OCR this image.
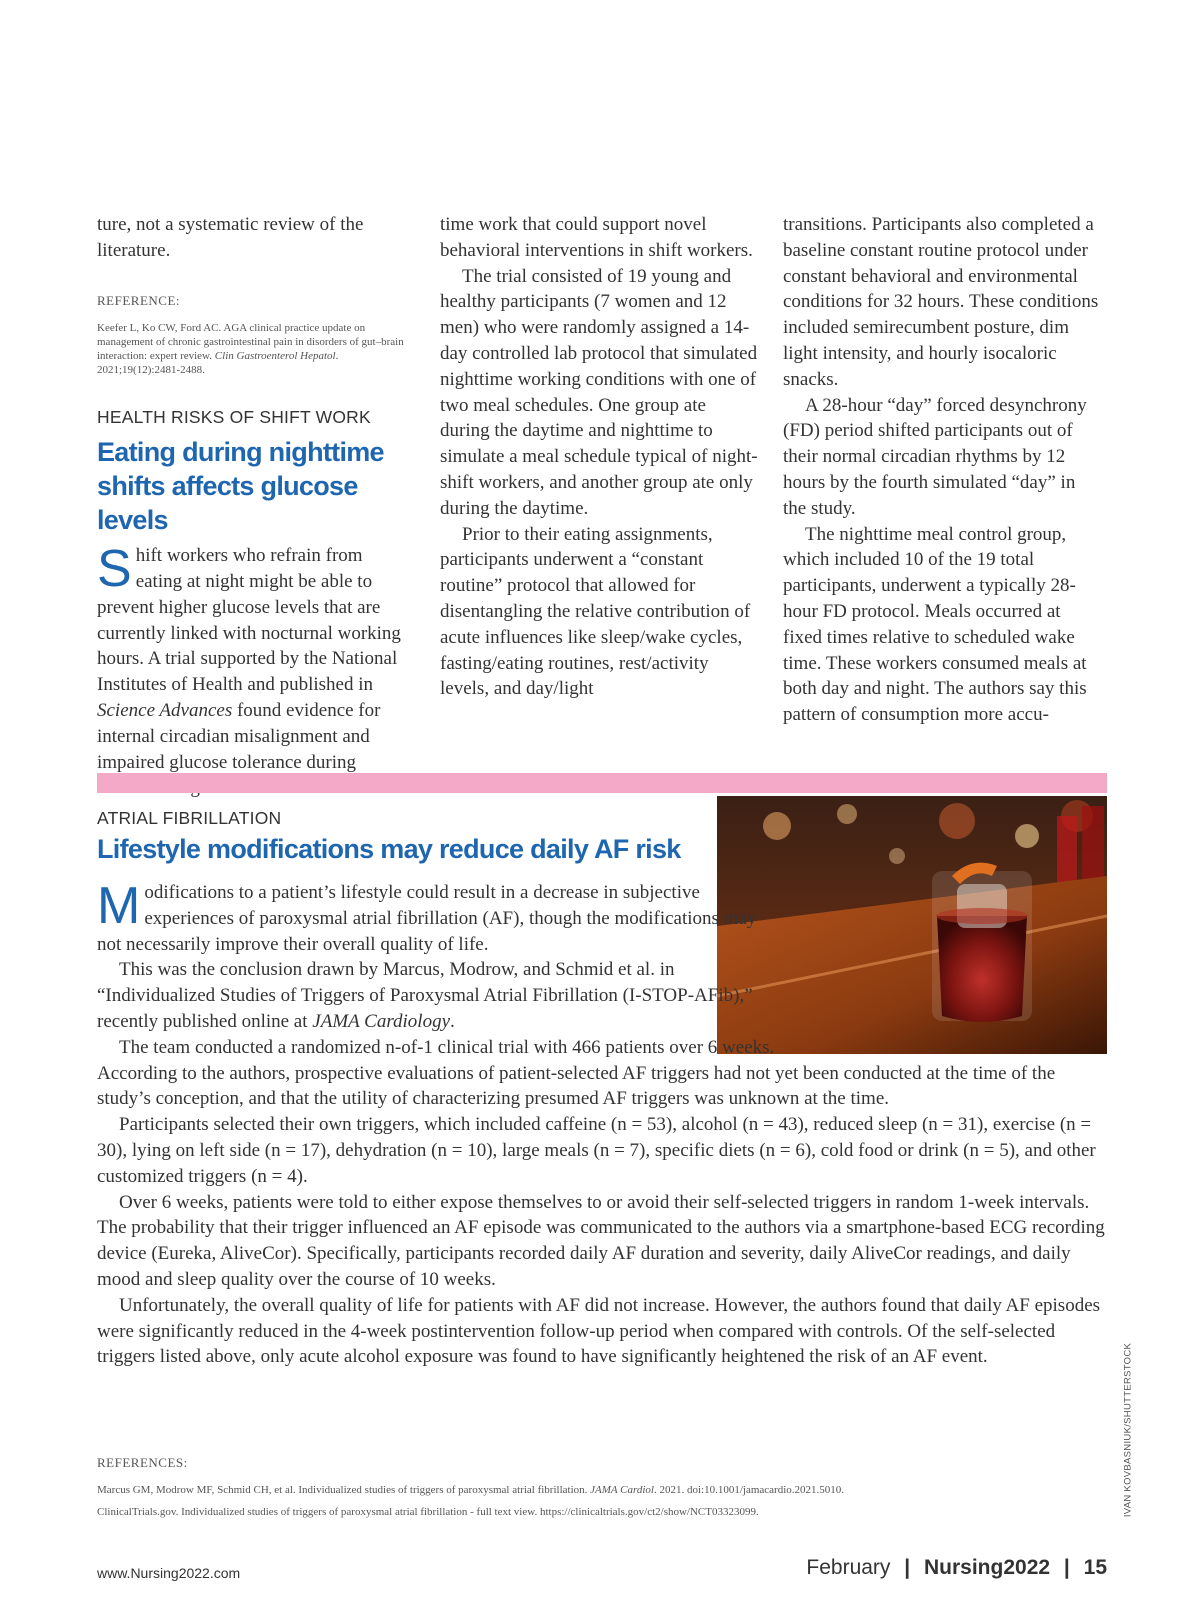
ture, not a systematic review of the literature.

REFERENCE:
Keefer L, Ko CW, Ford AC. AGA clinical practice update on management of chronic gastrointestinal pain in disorders of gut–brain interaction: expert review. Clin Gastroenterol Hepatol. 2021;19(12):2481-2488.
HEALTH RISKS OF SHIFT WORK
Eating during nighttime shifts affects glucose levels

Shift workers who refrain from eating at night might be able to prevent higher glucose levels that are currently linked with nocturnal working hours. A trial supported by the National Institutes of Health and published in Science Advances found evidence for internal circadian misalignment and impaired glucose tolerance during

time work that could support novel behavioral interventions in shift workers.

The trial consisted of 19 young and healthy participants (7 women and 12 men) who were randomly assigned a 14-day controlled lab protocol that simulated nighttime working conditions with one of two meal schedules. One group ate during the daytime and nighttime to simulate a meal schedule typical of night-shift workers, and another group ate only during the daytime.

Prior to their eating assignments, participants underwent a “constant routine” protocol that allowed for disentangling the relative contribution of acute influences like sleep/wake cycles, fasting/eating routines, rest/activity levels, and day/light

transitions. Participants also completed a baseline constant routine protocol under constant behavioral and environmental conditions for 32 hours. These conditions included semirecumbent posture, dim light intensity, and hourly isocaloric snacks.

A 28-hour “day” forced desynchrony (FD) period shifted participants out of their normal circadian rhythms by 12 hours by the fourth simulated “day” in the study.

The nighttime meal control group, which included 10 of the 19 total participants, underwent a typically 28-hour FD protocol. Meals occurred at fixed times relative to scheduled wake time. These workers consumed meals at both day and night. The authors say this pattern of consumption more accu-

ATRIAL FIBRILLATION
Lifestyle modifications may reduce daily AF risk

Modifications to a patient’s lifestyle could result in a decrease in subjective experiences of paroxysmal atrial fibrillation (AF), though the modifications may not necessarily improve their overall quality of life.

This was the conclusion drawn by Marcus, Modrow, and Schmid et al. in “Individualized Studies of Triggers of Paroxysmal Atrial Fibrillation (I-STOP-AFib),” recently published online at JAMA Cardiology.

The team conducted a randomized n-of-1 clinical trial with 466 patients over 6 weeks. According to the authors, prospective evaluations of patient-selected AF triggers had not yet been conducted at the time of the study’s conception, and that the utility of characterizing presumed AF triggers was unknown at the time.

Participants selected their own triggers, which included caffeine (n = 53), alcohol (n = 43), reduced sleep (n = 31), exercise (n = 30), lying on left side (n = 17), dehydration (n = 10), large meals (n = 7), specific diets (n = 6), cold food or drink (n = 5), and other customized triggers (n = 4).

Over 6 weeks, patients were told to either expose themselves to or avoid their self-selected triggers in random 1-week intervals. The probability that their trigger influenced an AF episode was communicated to the authors via a smartphone-based ECG recording device (Eureka, AliveCor). Specifically, participants recorded daily AF duration and severity, daily AliveCor readings, and daily mood and sleep quality over the course of 10 weeks.

Unfortunately, the overall quality of life for patients with AF did not increase. However, the authors found that daily AF episodes were significantly reduced in the 4-week postintervention follow-up period when compared with controls. Of the self-selected triggers listed above, only acute alcohol exposure was found to have significantly heightened the risk of an AF event.

REFERENCES:
Marcus GM, Modrow MF, Schmid CH, et al. Individualized studies of triggers of paroxysmal atrial fibrillation. JAMA Cardiol. 2021. doi:10.1001/jamacardio.2021.5010.
ClinicalTrials.gov. Individualized studies of triggers of paroxysmal atrial fibrillation - full text view. https://clinicaltrials.gov/ct2/show/NCT03323099.	IVAN KOVBASNIUK/SHUTTERSTOCK
www.Nursing2022.com	February | Nursing2022 | 15
